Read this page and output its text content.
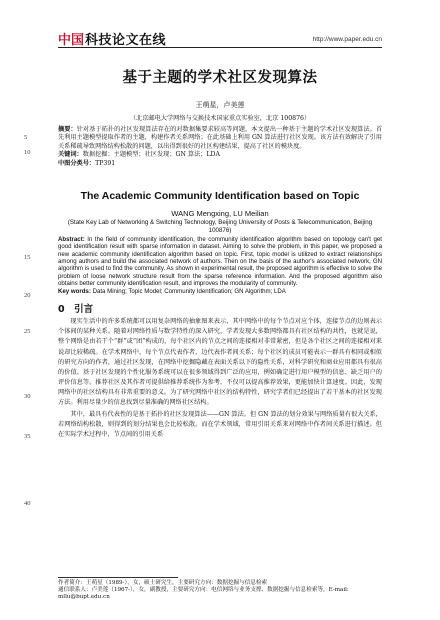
中国 科技论文在线	http://www.paper.edu.cn
5
10
15
20
25
30
35
40
基于主题的学术社区发现算法
王萌星，卢美莲
（北京邮电大学网络与交换技术国家重点实验室，北京 100876）
摘要：针对基于拓扑的社区发现算法存在的对数据集要求较高等问题，本文提出一种基于主题的学术社区发现算法。首先利用主题模型提取作者的主题，构建作者关系网络；在此基础上利用 GN 算法进行社区发现。该方法有效解决了引用关系稀疏导致网络结构松散的问题，以出得到很好的社区构建结果，提高了社区的模块度。
关键词：数据挖掘；主题模型；社区发现；GN 算法；LDA
中图分类号：TP391
The Academic Community Identification based on Topic
WANG Mengxing, LU Meilian
(State Key Lab of Networking & Switching Technology, Beijing University of Posts & Telecommunication, Beijing 100876)
Abstract: In the field of community identification, the community identification algorithm based on topology can't get good identification result with sparse information in dataset. Aiming to solve the problem, in this paper, we proposed a new academic community identification algorithm based on topic. First, topic model is utilized to extract relationships among authors and build the associated network of authors. Then on the basis of the author's associated network, GN algorithm is used to find the community. As shown in experimental result, the proposed algorithm is effective to solve the problem of loose network structure result from the sparse reference information. And the proposed algorithm also obtains better community identification result, and improves the modularity of community.
Key words: Data Mining; Topic Model; Community Identification; GN Algorithm; LDA
0　引言
现实生活中的许多系统都可以用复杂网络的抽象图来表示，其中网络中的每个节点对应个体，连接节点的边则表示个体间的某种关系。随着对网络性质与数学特性的深入研究，学者发现大多数网络都具有社区结构的共性，也就是说，整个网络是由若干个“群”或“团”构成的，每个社区内的节点之间的连接相对非常紧密，但是各个社区之间的连接相对来说却比较稀疏。在学术网络中，每个节点代表作者，边代表作者间关系；每个社区的成员可能表示一群具有相同或相似的研究方向的作者，通过社区发现，在网络中挖掘隐藏在表面关系以下的隐性关系，对科学研究和商业应用都具有很高的价值。基于社区发现的个性化服务系统可以在很多领域得到广泛的应用，例如确定进行用户模型的信息、缺乏用户的评价信息等。推荐社区及其作者可提供给推荐系统作为参考，不仅可以提高推荐效果，更能加快计算速度。因此，发现网络中的社区结构具有非常重要的意义。为了研究网络中社区的结构特性，研究学者们已经提出了若干基本的社区发现方法。利用尽量少的信息找到尽量准确的网络社区结构。
其中，最具有代表性的是基于拓扑的社区发现算法——GN 算法。但 GN 算法的划分效果与网络质量有很大关系，若网络结构松散，则得到的划分结果也会比较松散。而在学术领域，常用引用关系来对网络中作者间关系进行描述。但在实际学术过程中，节点间的引用关系
作者简介：王萌星（1989-），女，硕士研究生，主要研究方向：数据挖掘与信息检索
通信联系人：卢美莲（1967-），女，副教授，主要研究方向：电信网络与业务支撑、数据挖掘与信息检索等。E-mail: mllu@bupt.edu.cn
